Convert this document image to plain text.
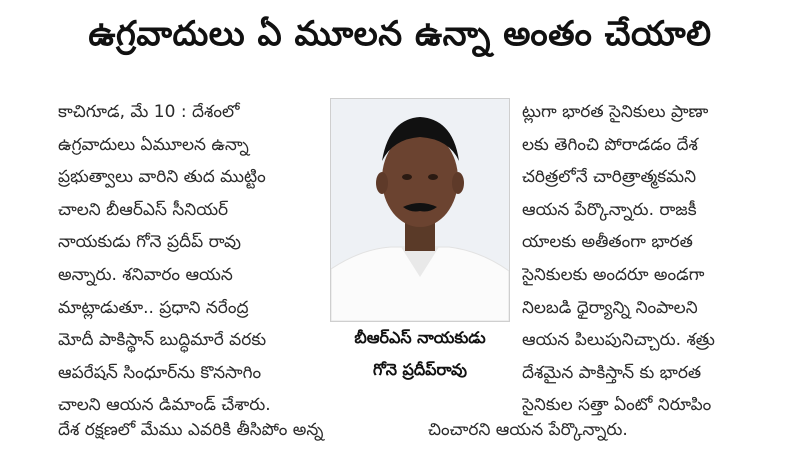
ఉగ్రవాదులు ఏ మూలన ఉన్నా అంతం చేయాలి
కాచిగూడ, మే 10 : దేశంలో
ఉగ్రవాదులు ఏమూలన ఉన్నా
ప్రభుత్వాలు వారిని తుద ముట్టిం
చాలని బీఆర్ఎస్ సీనియర్
నాయకుడు గోనె ప్రదీప్ రావు
అన్నారు. శనివారం ఆయన
మాట్లాడుతూ.. ప్రధాని నరేంద్ర
మోదీ పాకిస్థాన్ బుద్ధిమారే వరకు
ఆపరేషన్ సింధూర్‌ను కొనసాగిం
చాలని ఆయన డిమాండ్ చేశారు.
బీఆర్ఎస్ నాయకుడు
గోనె ప్రదీప్‌రావు
ట్లుగా భారత సైనికులు ప్రాణా
లకు తెగించి పోరాడడం దేశ
చరిత్రలోనే చారిత్రాత్మకమని
ఆయన పేర్కొన్నారు. రాజకీ
యాలకు అతీతంగా భారత
సైనికులకు అందరూ అండగా
నిలబడి ధైర్యాన్ని నింపాలని
ఆయన పిలుపునిచ్చారు. శత్రు
దేశమైన పాకిస్తాన్ కు భారత
సైనికుల సత్తా ఏంటో నిరూపిం
దేశ రక్షణలో మేము ఎవరికి తీసిపోం అన్న	చించారని ఆయన పేర్కొన్నారు.
